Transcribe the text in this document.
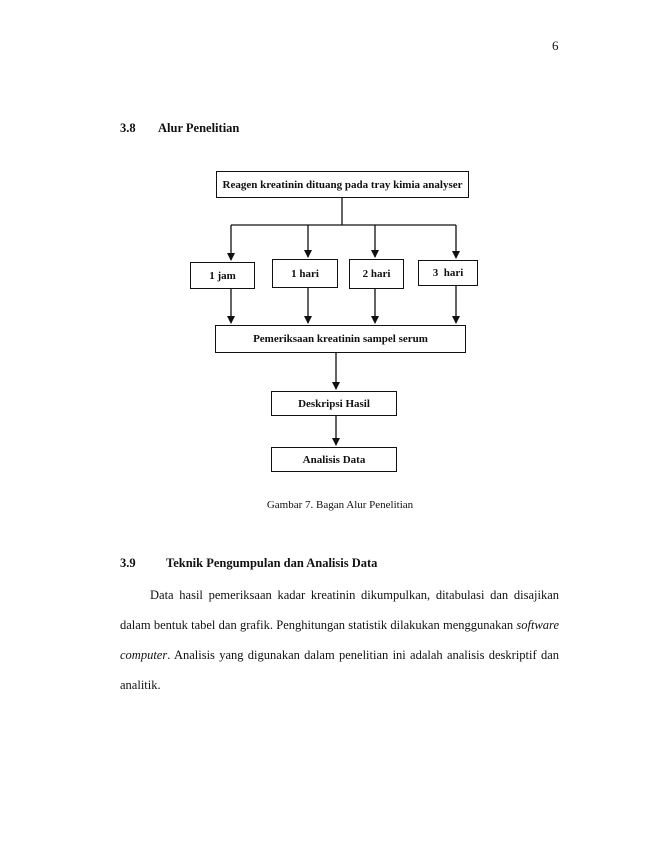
6
3.8 Alur Penelitian
Reagen kreatinin dituang pada tray kimia analyser
1 jam	1 hari	2 hari	3  hari
Pemeriksaan kreatinin sampel serum
Deskripsi Hasil
Analisis Data
Gambar 7. Bagan Alur Penelitian
3.9 Teknik Pengumpulan dan Analisis Data

Data hasil pemeriksaan kadar kreatinin dikumpulkan, ditabulasi dan disajikan dalam bentuk tabel dan grafik. Penghitungan statistik dilakukan menggunakan software computer. Analisis yang digunakan dalam penelitian ini adalah analisis deskriptif dan analitik.
